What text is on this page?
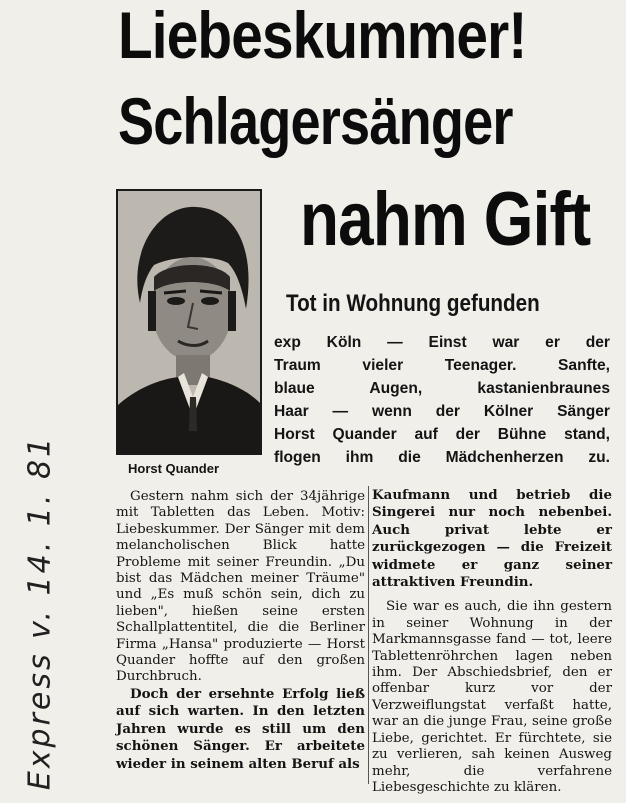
Liebeskummer!
Schlagersänger
nahm Gift

Horst Quander

Tot in Wohnung gefunden
exp Köln — Einst war er der
Traum vieler Teenager. Sanfte,
blaue Augen, kastanienbraunes
Haar — wenn der Kölner Sänger
Horst Quander auf der Bühne stand,
flogen ihm die Mädchenherzen zu.

Gestern nahm sich der 34jährige mit Tabletten das Leben. Motiv: Liebeskummer. Der Sänger mit dem melancholischen Blick hatte Probleme mit seiner Freundin. „Du bist das Mädchen meiner Träume" und „Es muß schön sein, dich zu lieben", hießen seine ersten Schallplattentitel, die die Berliner Firma „Hansa" produzierte — Horst Quander hoffte auf den großen Durchbruch.

Doch der ersehnte Erfolg ließ auf sich warten. In den letzten Jahren wurde es still um den schönen Sänger. Er arbeitete wieder in seinem alten Beruf als

Kaufmann und betrieb die Singerei nur noch nebenbei. Auch privat lebte er zurückgezogen — die Freizeit widmete er ganz seiner attraktiven Freundin.

Sie war es auch, die ihn gestern in seiner Wohnung in der Markmannsgasse fand — tot, leere Tablettenröhrchen lagen neben ihm. Der Abschiedsbrief, den er offenbar kurz vor der Verzweiflungstat verfaßt hatte, war an die junge Frau, seine große Liebe, gerichtet. Er fürchtete, sie zu verlieren, sah keinen Ausweg mehr, die verfahrene Liebesgeschichte zu klären.

Express v. 14. 1. 81
